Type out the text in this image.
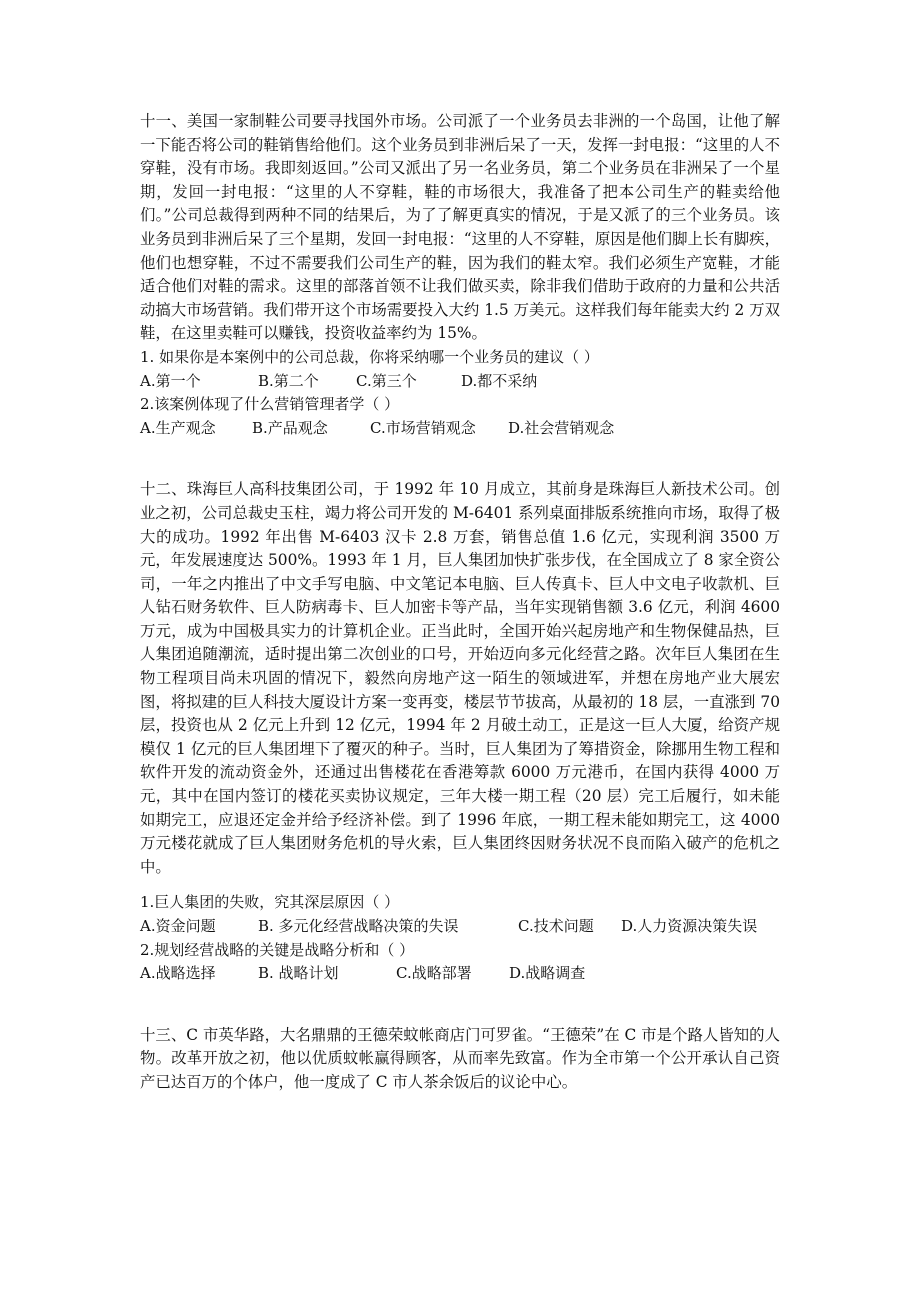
十一、美国一家制鞋公司要寻找国外市场。公司派了一个业务员去非洲的一个岛国，让他了解一下能否将公司的鞋销售给他们。这个业务员到非洲后呆了一天，发挥一封电报：“这里的人不穿鞋，没有市场。我即刻返回。”公司又派出了另一名业务员，第二个业务员在非洲呆了一个星期，发回一封电报：“这里的人不穿鞋，鞋的市场很大，我准备了把本公司生产的鞋卖给他们。”公司总裁得到两种不同的结果后，为了了解更真实的情况，于是又派了的三个业务员。该业务员到非洲后呆了三个星期，发回一封电报：“这里的人不穿鞋，原因是他们脚上长有脚疾，他们也想穿鞋，不过不需要我们公司生产的鞋，因为我们的鞋太窄。我们必须生产宽鞋，才能适合他们对鞋的需求。这里的部落首领不让我们做买卖，除非我们借助于政府的力量和公共活动搞大市场营销。我们带开这个市场需要投入大约 1.5 万美元。这样我们每年能卖大约 2 万双鞋，在这里卖鞋可以赚钱，投资收益率约为 15%。

1. 如果你是本案例中的公司总裁，你将采纳哪一个业务员的建议（ ）

A.第一个	B.第二个 C.第三个	D.都不采纳

2.该案例体现了什么营销管理者学（ ）

A.生产观念 B.产品观念	C.市场营销观念 D.社会营销观念

十二、珠海巨人高科技集团公司，于 1992 年 10 月成立，其前身是珠海巨人新技术公司。创业之初，公司总裁史玉柱，竭力将公司开发的 M-6401 系列桌面排版系统推向市场，取得了极大的成功。1992 年出售 M-6403 汉卡 2.8 万套，销售总值 1.6 亿元，实现利润 3500 万元，年发展速度达 500%。1993 年 1 月，巨人集团加快扩张步伐，在全国成立了 8 家全资公司，一年之内推出了中文手写电脑、中文笔记本电脑、巨人传真卡、巨人中文电子收款机、巨人钻石财务软件、巨人防病毒卡、巨人加密卡等产品，当年实现销售额 3.6 亿元，利润 4600 万元，成为中国极具实力的计算机企业。正当此时，全国开始兴起房地产和生物保健品热，巨人集团追随潮流，适时提出第二次创业的口号，开始迈向多元化经营之路。次年巨人集团在生物工程项目尚未巩固的情况下，毅然向房地产这一陌生的领域进军，并想在房地产业大展宏图，将拟建的巨人科技大厦设计方案一变再变，楼层节节拔高，从最初的 18 层，一直涨到 70 层，投资也从 2 亿元上升到 12 亿元，1994 年 2 月破土动工，正是这一巨人大厦，给资产规模仅 1 亿元的巨人集团埋下了覆灭的种子。当时，巨人集团为了筹措资金，除挪用生物工程和软件开发的流动资金外，还通过出售楼花在香港筹款 6000 万元港币，在国内获得 4000 万元，其中在国内签订的楼花买卖协议规定，三年大楼一期工程（20 层）完工后履行，如未能如期完工，应退还定金并给予经济补偿。到了 1996 年底，一期工程未能如期完工，这 4000 万元楼花就成了巨人集团财务危机的导火索，巨人集团终因财务状况不良而陷入破产的危机之中。

1.巨人集团的失败，究其深层原因（ ）

A.资金问题	B. 多元化经营战略决策的失误	C.技术问题 D.人力资源决策失误

2.规划经营战略的关键是战略分析和（ ）

A.战略选择	B. 战略计划	C.战略部署 D.战略调查

十三、C 市英华路，大名鼎鼎的王德荣蚊帐商店门可罗雀。“王德荣”在 C 市是个路人皆知的人物。改革开放之初，他以优质蚊帐赢得顾客，从而率先致富。作为全市第一个公开承认自己资产已达百万的个体户，他一度成了 C 市人茶余饭后的议论中心。
